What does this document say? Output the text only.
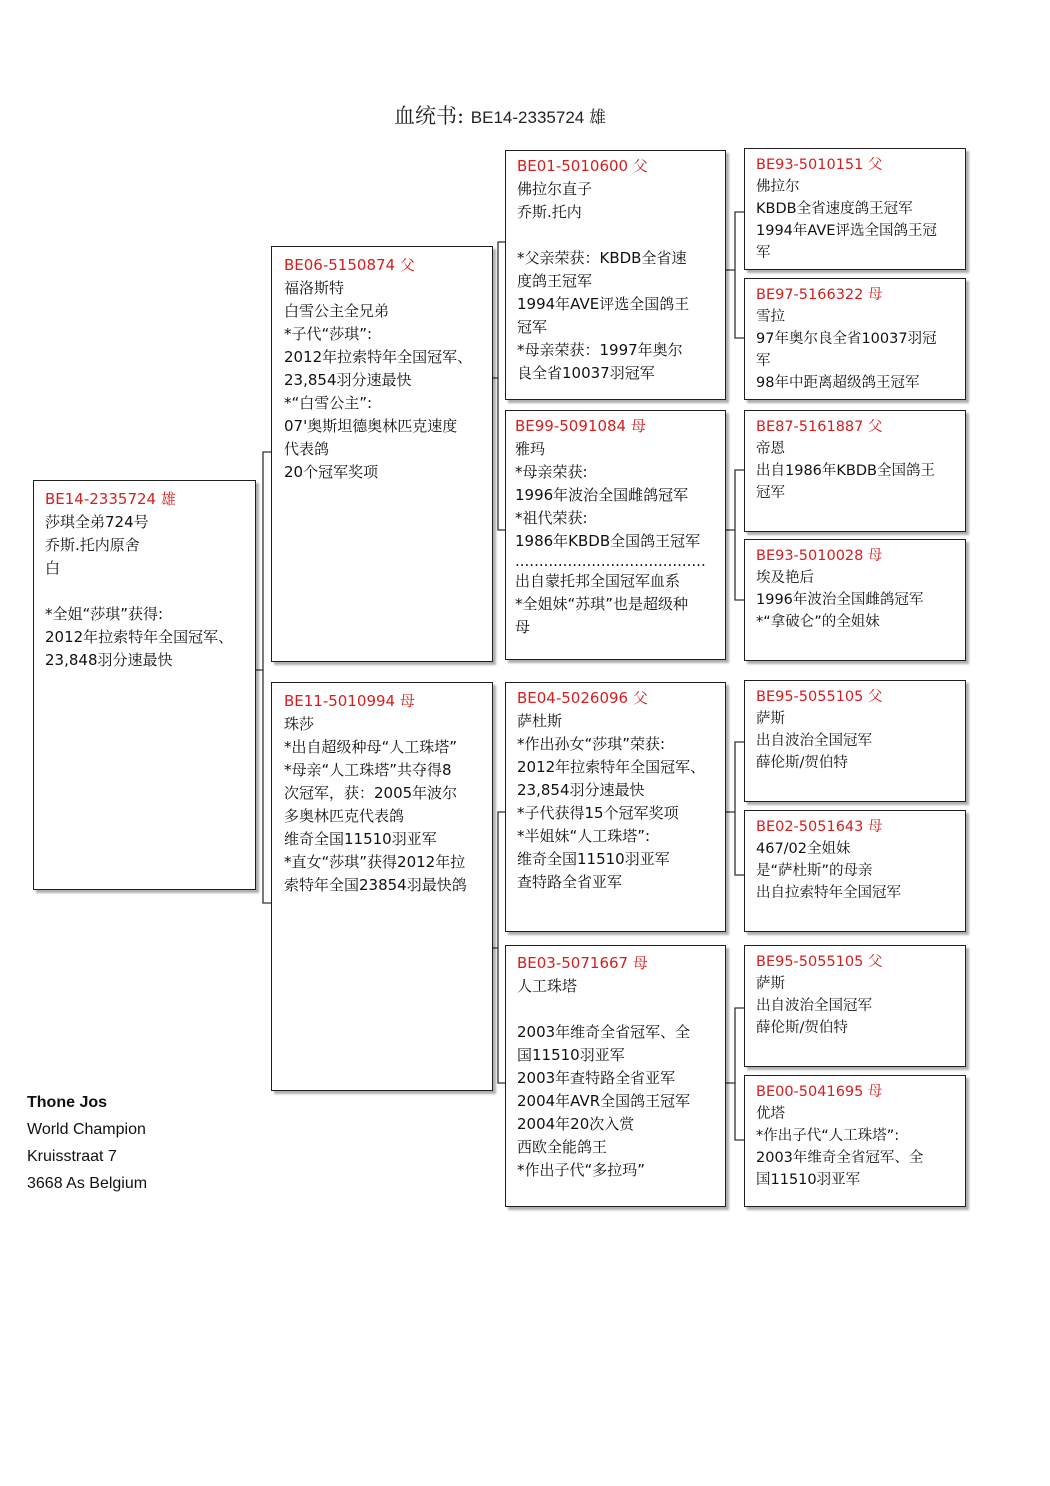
血统书: BE14-2335724 雄
BE14-2335724 雄
莎琪全弟724号
乔斯.托内原舍
白
*全姐“莎琪”获得:
2012年拉索特年全国冠军、
23,848羽分速最快
BE06-5150874 父
福洛斯特
白雪公主全兄弟
*子代“莎琪”:
2012年拉索特年全国冠军、
23,854羽分速最快
*“白雪公主”:
07'奥斯坦德奥林匹克速度
代表鸽
20个冠军奖项
BE11-5010994 母
珠莎
*出自超级种母“人工珠塔”
*母亲“人工珠塔”共夺得8
次冠军，获：2005年波尔
多奥林匹克代表鸽
维奇全国11510羽亚军
*直女“莎琪”获得2012年拉
索特年全国23854羽最快鸽
BE01-5010600 父
佛拉尔直子
乔斯.托内
*父亲荣获：KBDB全省速
度鸽王冠军
1994年AVE评选全国鸽王
冠军
*母亲荣获：1997年奥尔
良全省10037羽冠军
BE99-5091084 母
雅玛
*母亲荣获:
1996年波治全国雌鸽冠军
*祖代荣获:
1986年KBDB全国鸽王冠军
........................................
出自蒙托邦全国冠军血系
*全姐妹“苏琪”也是超级种
母
BE04-5026096 父
萨杜斯
*作出孙女“莎琪”荣获:
2012年拉索特年全国冠军、
23,854羽分速最快
*子代获得15个冠军奖项
*半姐妹“人工珠塔”:
维奇全国11510羽亚军
查特路全省亚军
BE03-5071667 母
人工珠塔
2003年维奇全省冠军、全
国11510羽亚军
2003年查特路全省亚军
2004年AVR全国鸽王冠军
2004年20次入赏
西欧全能鸽王
*作出子代“多拉玛”
BE93-5010151 父
佛拉尔
KBDB全省速度鸽王冠军
1994年AVE评选全国鸽王冠
军
BE97-5166322 母
雪拉
97年奥尔良全省10037羽冠
军
98年中距离超级鸽王冠军
BE87-5161887 父
帝恩
出自1986年KBDB全国鸽王
冠军
BE93-5010028 母
埃及艳后
1996年波治全国雌鸽冠军
*“拿破仑”的全姐妹
BE95-5055105 父
萨斯
出自波治全国冠军
薛伦斯/贺伯特
BE02-5051643 母
467/02全姐妹
是“萨杜斯”的母亲
出自拉索特年全国冠军
BE95-5055105 父
萨斯
出自波治全国冠军
薛伦斯/贺伯特
BE00-5041695 母
优塔
*作出子代“人工珠塔”:
2003年维奇全省冠军、全
国11510羽亚军
Thone Jos
World Champion
Kruisstraat 7
3668 As Belgium
